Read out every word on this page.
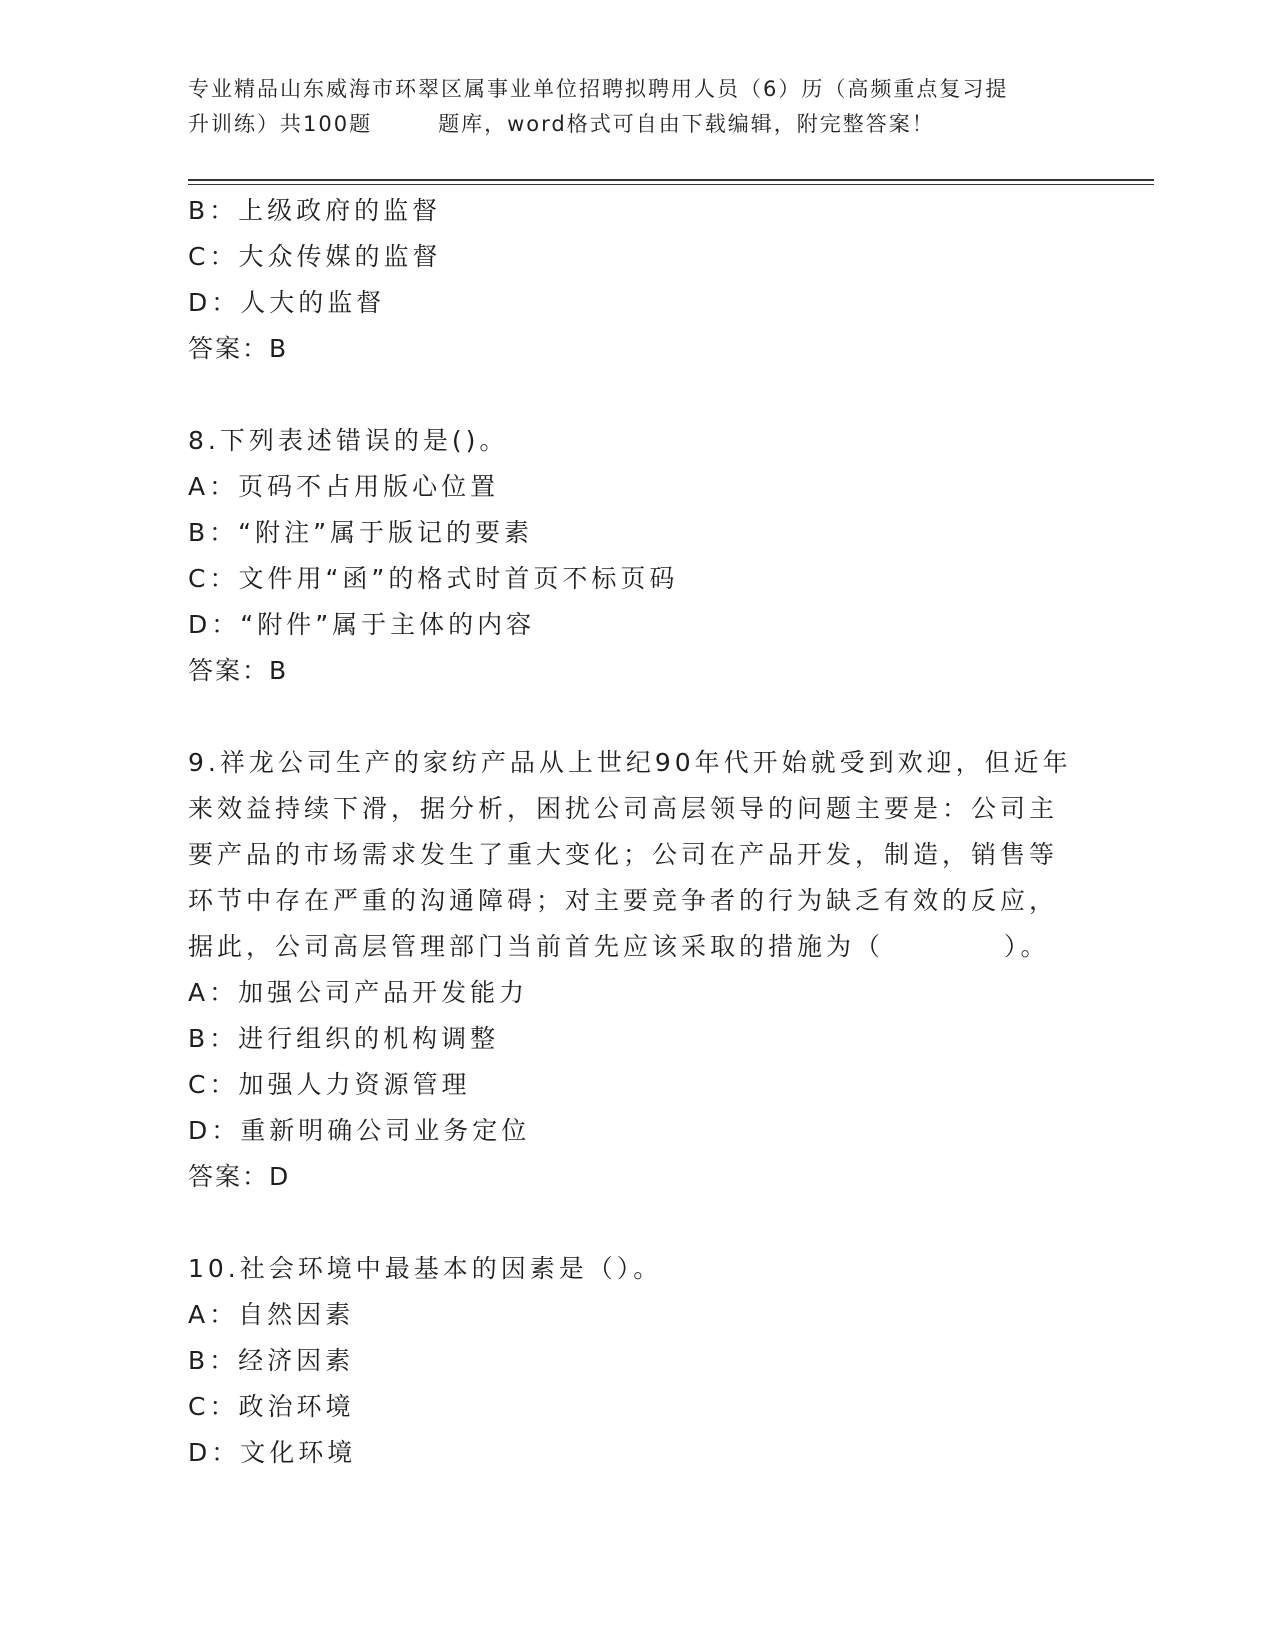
专业精品山东威海市环翠区属事业单位招聘拟聘用人员（6）历（高频重点复习提
升训练）共100题	题库，word格式可自由下载编辑，附完整答案！
B：上级政府的监督
C：大众传媒的监督
D：人大的监督
答案：B
8.下列表述错误的是()。
A：页码不占用版心位置
B：“附注”属于版记的要素
C：文件用“函”的格式时首页不标页码
D：“附件”属于主体的内容
答案：B
9.祥龙公司生产的家纺产品从上世纪90年代开始就受到欢迎，但近年
来效益持续下滑，据分析，困扰公司高层领导的问题主要是：公司主
要产品的市场需求发生了重大变化；公司在产品开发，制造，销售等
环节中存在严重的沟通障碍；对主要竞争者的行为缺乏有效的反应，
据此，公司高层管理部门当前首先应该采取的措施为（	）。
A：加强公司产品开发能力
B：进行组织的机构调整
C：加强人力资源管理
D：重新明确公司业务定位
答案：D
10.社会环境中最基本的因素是（）。
A：自然因素
B：经济因素
C：政治环境
D：文化环境
